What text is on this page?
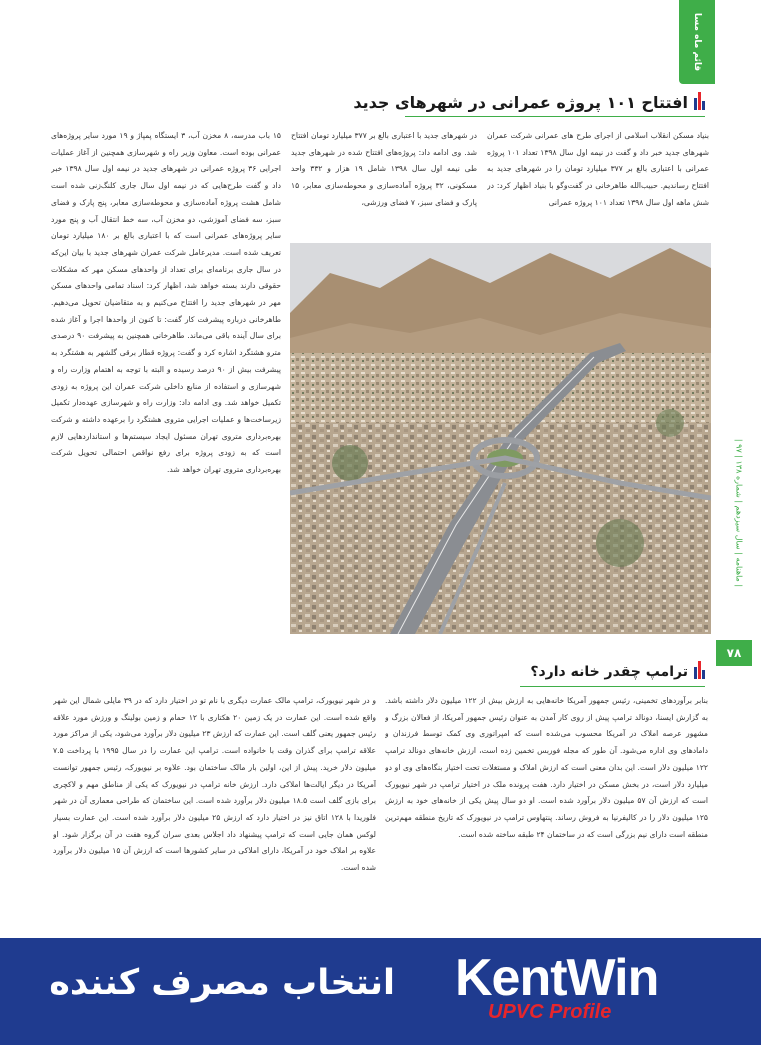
قائم ماه مسا
| ماهنامه | سال سیزدهم | شماره ۱۳۸ | ۹۷ |
۷۸
افتتاح ۱۰۱ پروژه عمرانی در شهرهای جدید
بنیاد مسکن انقلاب اسلامی از اجرای طرح های عمرانی شرکت عمران شهرهای جدید خبر داد و گفت در نیمه اول سال ۱۳۹۸ تعداد ۱۰۱ پروژه عمرانی با اعتباری بالغ بر ۳۷۷ میلیارد تومان را در شهرهای جدید به افتتاح رساندیم. حبیب‌الله طاهرخانی در گفت‌وگو با بنیاد اظهار کرد: در شش ماهه اول سال ۱۳۹۸ تعداد ۱۰۱ پروژه عمرانی
در شهرهای جدید با اعتباری بالغ بر ۳۷۷ میلیارد تومان افتتاح شد. وی ادامه داد: پروژه‌های افتتاح شده در شهرهای جدید طی نیمه اول سال ۱۳۹۸ شامل ۱۹ هزار و ۳۳۲ واحد مسکونی، ۳۲ پروژه آماده‌سازی و محوطه‌سازی معابر، ۱۵ پارک و فضای سبز، ۷ فضای ورزشی،
۱۵ باب مدرسه، ۸ مخزن آب، ۳ ایستگاه پمپاژ و ۱۹ مورد سایر پروژه‌های عمرانی بوده است. معاون وزیر راه و شهرسازی همچنین از آغاز عملیات اجرایی ۳۶ پروژه عمرانی در شهرهای جدید در نیمه اول سال ۱۳۹۸ خبر داد و گفت طرح‌هایی که در نیمه اول سال جاری کلنگ‌زنی شده است شامل هشت پروژه آماده‌سازی و محوطه‌سازی معابر، پنج پارک و فضای سبز، سه فضای آموزشی، دو مخزن آب، سه خط انتقال آب و پنج مورد سایر پروژه‌های عمرانی است که با اعتباری بالغ بر ۱۸۰ میلیارد تومان تعریف شده است. مدیرعامل شرکت عمران شهرهای جدید با بیان این‌که در سال جاری برنامه‌ای برای تعداد از واحدهای مسکن مهر که مشکلات حقوقی دارند بسته خواهد شد، اظهار کرد: اسناد تمامی واحدهای مسکن مهر در شهرهای جدید را افتتاح می‌کنیم و به متقاضیان تحویل می‌دهیم. طاهرخانی درباره پیشرفت کار گفت: تا کنون از واحدها اجرا و آغاز شده برای سال آینده باقی می‌ماند. طاهرخانی همچنین به پیشرفت ۹۰ درصدی مترو هشتگرد اشاره کرد و گفت: پروژه قطار برقی گلشهر به هشتگرد به پیشرفت بیش از ۹۰ درصد رسیده و البته با توجه به اهتمام وزارت راه و شهرسازی و استفاده از منابع داخلی شرکت عمران این پروژه به زودی تکمیل خواهد شد. وی ادامه داد: وزارت راه و شهرسازی عهده‌دار تکمیل زیرساخت‌ها و عملیات اجرایی متروی هشتگرد را برعهده داشته و شرکت بهره‌برداری متروی تهران مسئول ایجاد سیستم‌ها و استانداردهایی لازم است که به زودی پروژه برای رفع نواقص احتمالی تحویل شرکت بهره‌برداری متروی تهران خواهد شد.
ترامپ چقدر خانه دارد؟
بنابر برآوردهای تخمینی، رئیس جمهور آمریکا خانه‌هایی به ارزش بیش از ۱۲۲ میلیون دلار داشته باشد. به گزارش ایسنا، دونالد ترامپ پیش از روی کار آمدن به عنوان رئیس جمهور آمریکا، از فعالان بزرگ و مشهور عرصه املاک در آمریکا محسوب می‌شده است که امپراتوری وی کمک توسط فرزندان و دامادهای وی اداره می‌شود. آن طور که مجله فوربس تخمین زده است، ارزش خانه‌های دونالد ترامپ ۱۲۲ میلیون دلار است. این بدان معنی است که ارزش املاک و مستغلات تحت اختیار بنگاه‌های وی او دو میلیارد دلار است، در بخش مسکن در اختیار دارد. هفت پرونده ملک در اختیار ترامپ در شهر نیویورک است که ارزش آن ۵۷ میلیون دلار برآورد شده است. او دو سال پیش یکی از خانه‌های خود به ارزش ۱۲۵ میلیون دلار را در کالیفرنیا به فروش رساند. پنتهاوس ترامپ در نیویورک که تاریخ منطقه مهم‌ترین منطقه است دارای نیم‌ بزرگی است که در ساختمان ۲۴ طبقه ساخته شده است.
و در شهر نیویورک، ترامپ مالک عمارت دیگری با نام تو در اختیار دارد که در ۳۹ مایلی شمال این شهر واقع شده است. این عمارت در یک زمین ۲۰ هکتاری با ۱۲ حمام و زمین بولینگ و ورزش مورد علاقه رئیس جمهور یعنی گلف است. این عمارت که ارزش ۲۳ میلیون دلار برآورد می‌شود، یکی از مراکز مورد علاقه ترامپ برای گذران وقت با خانواده است. ترامپ این عمارت را در سال ۱۹۹۵ با پرداخت ۷.۵ میلیون دلار خرید. پیش از این، اولین بار مالک ساختمان بود. علاوه بر نیویورک، رئیس جمهور توانست آمریکا در دیگر ایالت‌ها املاکی دارد. ارزش خانه ترامپ در نیویورک که یکی از مناطق مهم و لاکچری برای بازی گلف است ۱۸.۵ میلیون دلار برآورد شده است. این ساختمان که طراحی معماری آن در شهر فلوریدا با ۱۲۸ اتاق نیز در اختیار دارد که ارزش ۲۵ میلیون دلار برآورد شده است. این عمارت بسیار لوکس همان جایی است که ترامپ پیشنهاد داد اجلاس بعدی سران گروه هفت در آن برگزار شود. او علاوه بر املاک خود در آمریکا، دارای املاکی در سایر کشورها است که ارزش آن ۱۵ میلیون دلار برآورد شده است.
انتخاب مصرف کننده KentWin
UPVC Profile
